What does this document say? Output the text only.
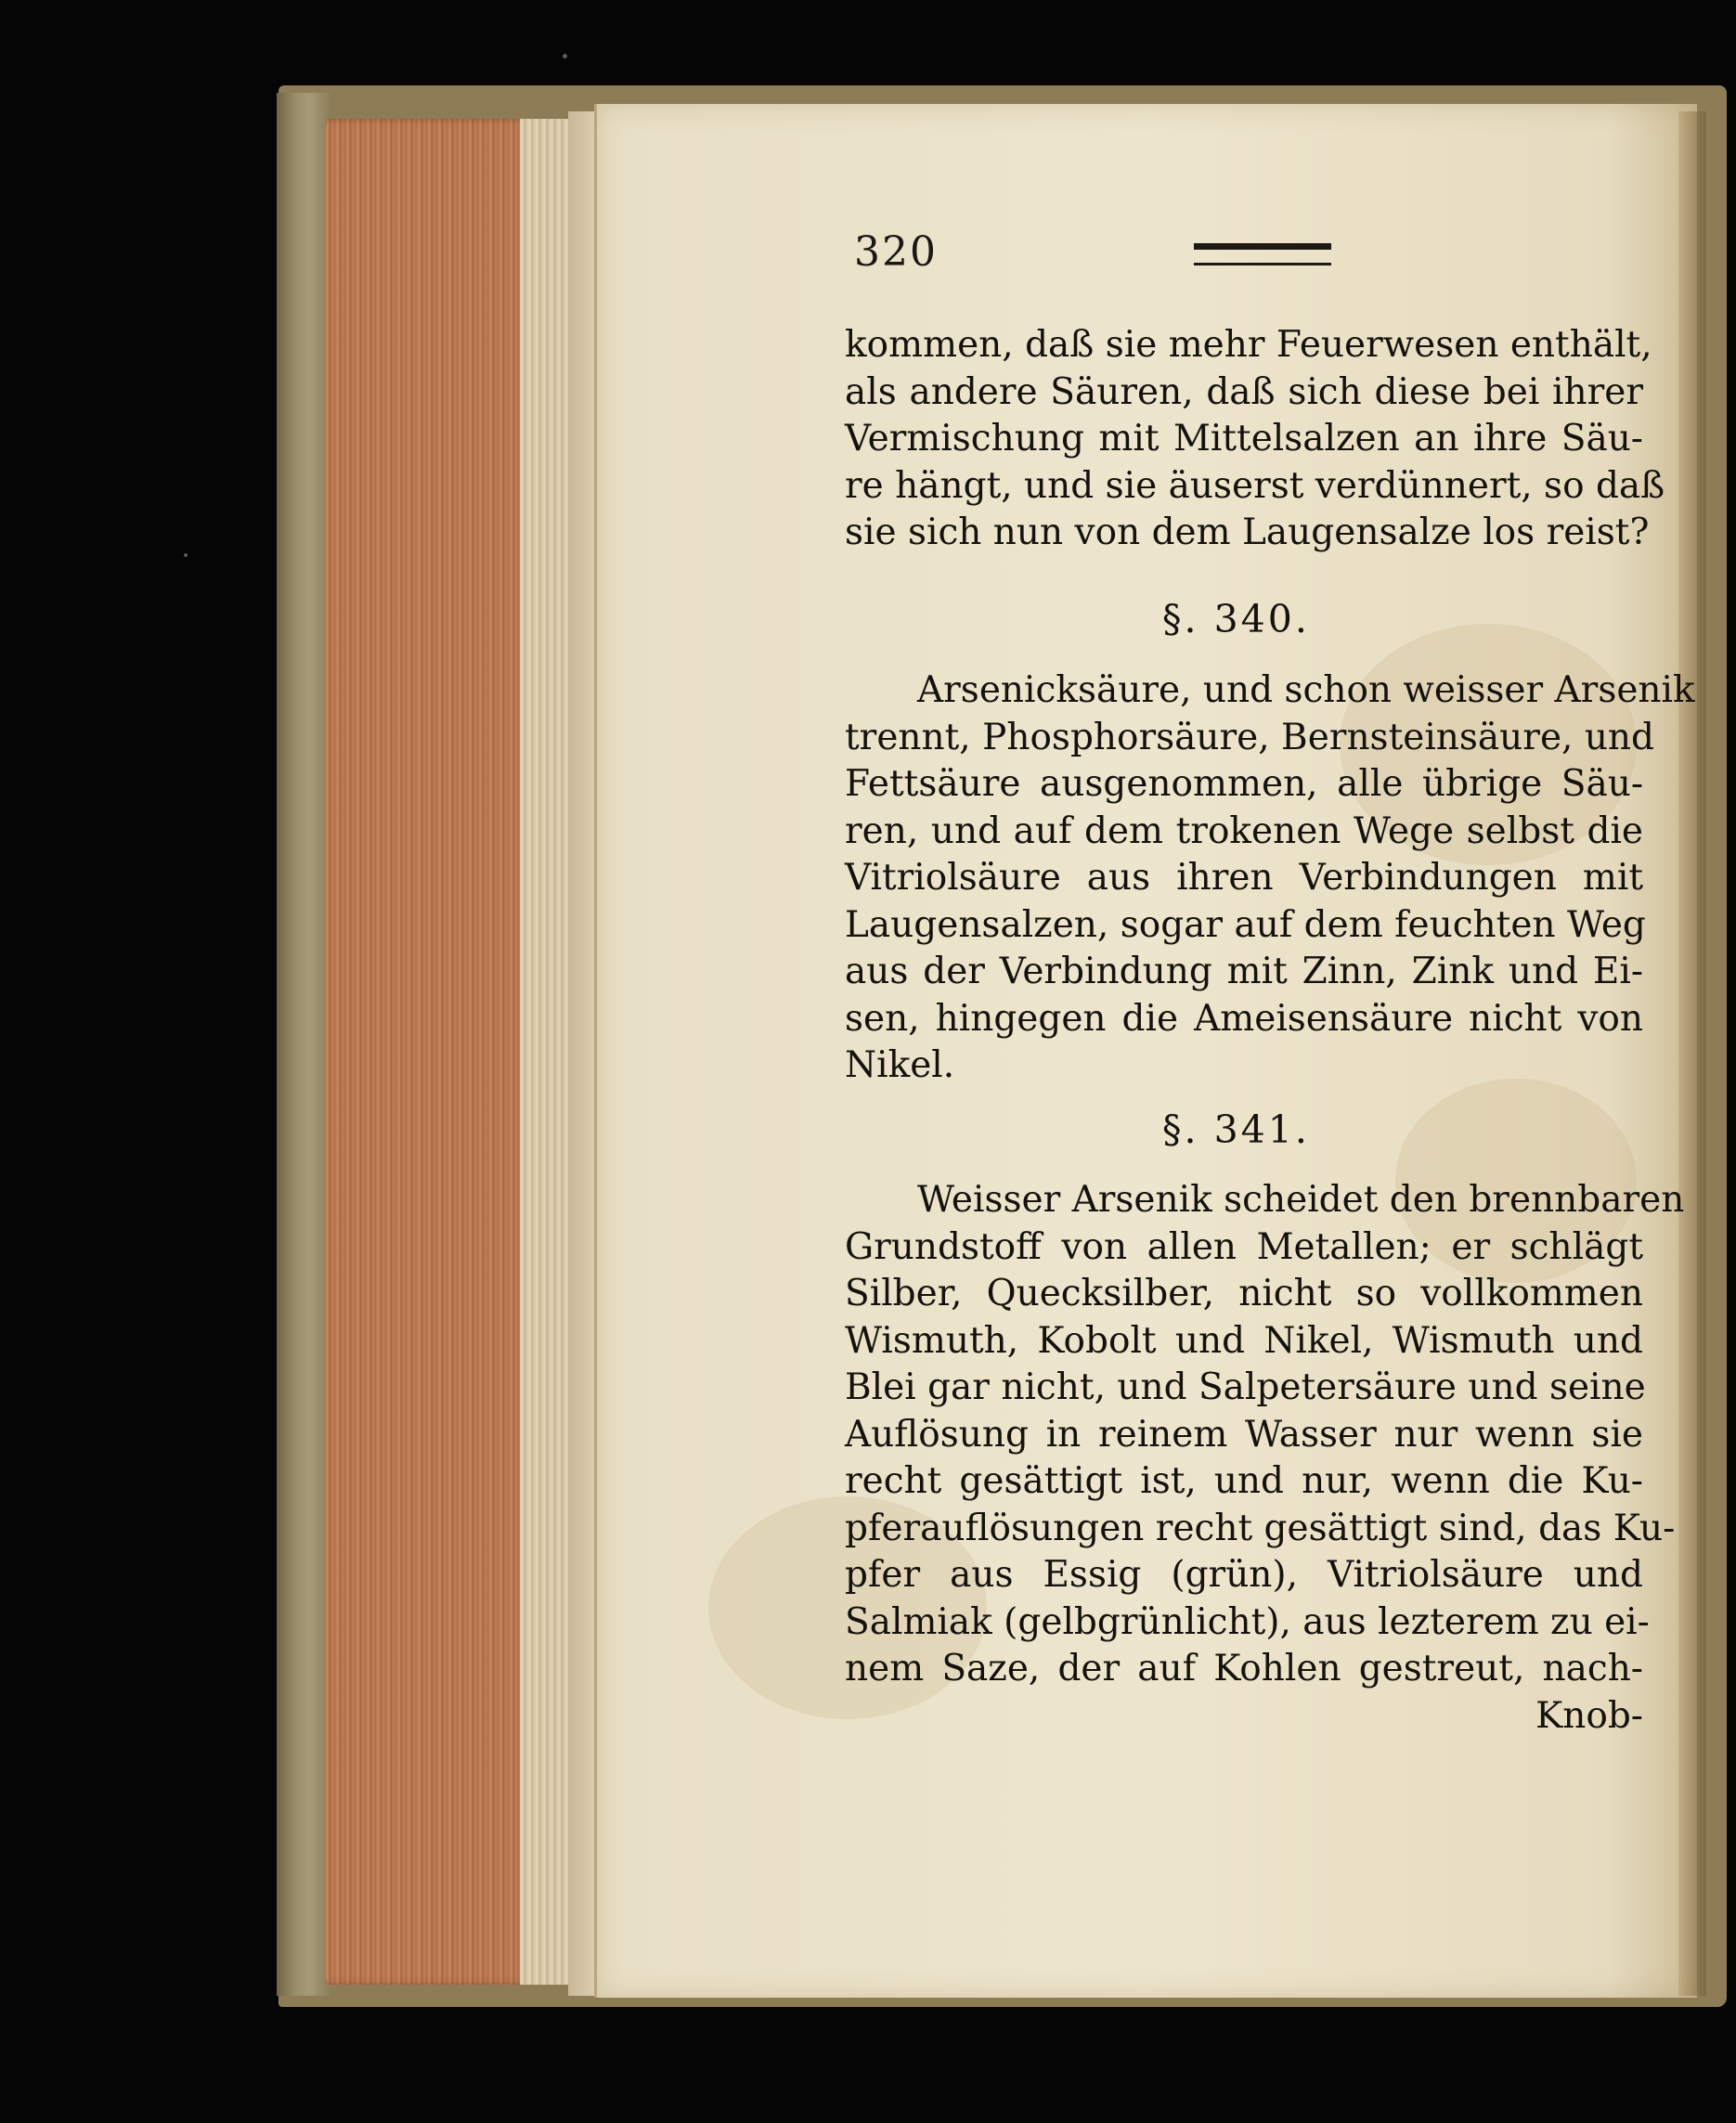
320
kommen, daß sie mehr Feuerwesen enthält,
als andere Säuren, daß sich diese bei ihrer
Vermischung mit Mittelsalzen an ihre Säu-
re hängt, und sie äuserst verdünnert, so daß
sie sich nun von dem Laugensalze los reist?
§. 340.
Arsenicksäure, und schon weisser Arsenik
trennt, Phosphorsäure, Bernsteinsäure, und
Fettsäure ausgenommen, alle übrige Säu-
ren, und auf dem trokenen Wege selbst die
Vitriolsäure aus ihren Verbindungen mit
Laugensalzen, sogar auf dem feuchten Weg
aus der Verbindung mit Zinn, Zink und Ei-
sen, hingegen die Ameisensäure nicht von
Nikel.
§. 341.
Weisser Arsenik scheidet den brennbaren
Grundstoff von allen Metallen; er schlägt
Silber, Quecksilber, nicht so vollkommen
Wismuth, Kobolt und Nikel, Wismuth und
Blei gar nicht, und Salpetersäure und seine
Auflösung in reinem Wasser nur wenn sie
recht gesättigt ist, und nur, wenn die Ku-
pferauflösungen recht gesättigt sind, das Ku-
pfer aus Essig (grün), Vitriolsäure und
Salmiak (gelbgrünlicht), aus lezterem zu ei-
nem Saze, der auf Kohlen gestreut, nach-
Knob-
